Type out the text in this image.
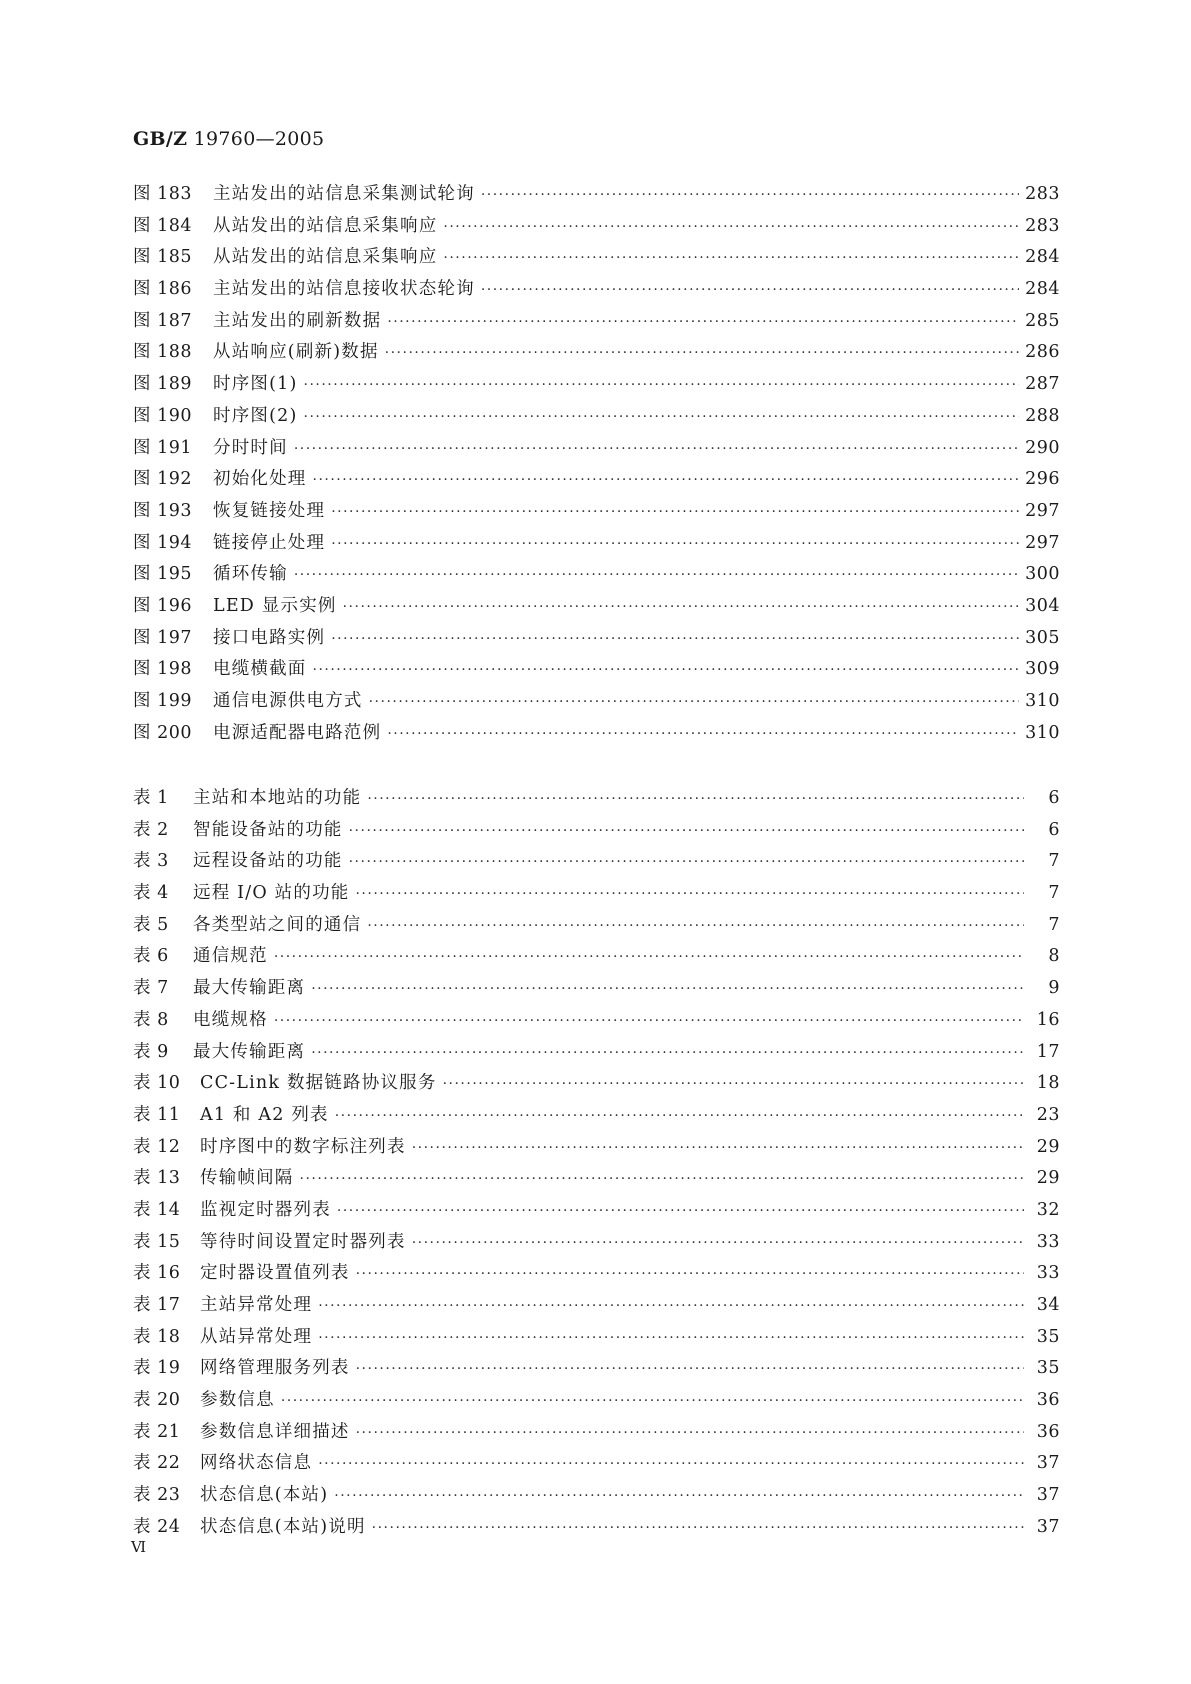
GB/Z 19760—2005
图 183	主站发出的站信息采集测试轮询 ·····	283
图 184	从站发出的站信息采集响应 ·····	283
图 185	从站发出的站信息采集响应 ·····	284
图 186	主站发出的站信息接收状态轮询 ·····	284
图 187	主站发出的刷新数据 ·····	285
图 188	从站响应(刷新)数据 ·····	286
图 189	时序图(1) ·····	287
图 190	时序图(2) ·····	288
图 191	分时时间 ·····	290
图 192	初始化处理 ·····	296
图 193	恢复链接处理 ·····	297
图 194	链接停止处理 ·····	297
图 195	循环传输 ·····	300
图 196	LED 显示实例 ·····	304
图 197	接口电路实例 ·····	305
图 198	电缆横截面 ·····	309
图 199	通信电源供电方式 ·····	310
图 200	电源适配器电路范例 ·····	310
表 1	主站和本地站的功能 ·····	6
表 2	智能设备站的功能 ·····	6
表 3	远程设备站的功能 ·····	7
表 4	远程 I/O 站的功能 ·····	7
表 5	各类型站之间的通信 ·····	7
表 6	通信规范 ·····	8
表 7	最大传输距离 ·····	9
表 8	电缆规格 ·····	16
表 9	最大传输距离 ·····	17
表 10	CC-Link 数据链路协议服务 ·····	18
表 11	A1 和 A2 列表 ·····	23
表 12	时序图中的数字标注列表 ·····	29
表 13	传输帧间隔 ·····	29
表 14	监视定时器列表 ·····	32
表 15	等待时间设置定时器列表 ·····	33
表 16	定时器设置值列表 ·····	33
表 17	主站异常处理 ·····	34
表 18	从站异常处理 ·····	35
表 19	网络管理服务列表 ·····	35
表 20	参数信息 ·····	36
表 21	参数信息详细描述 ·····	36
表 22	网络状态信息 ·····	37
表 23	状态信息(本站) ·····	37
表 24	状态信息(本站)说明 ·····	37
Ⅵ
